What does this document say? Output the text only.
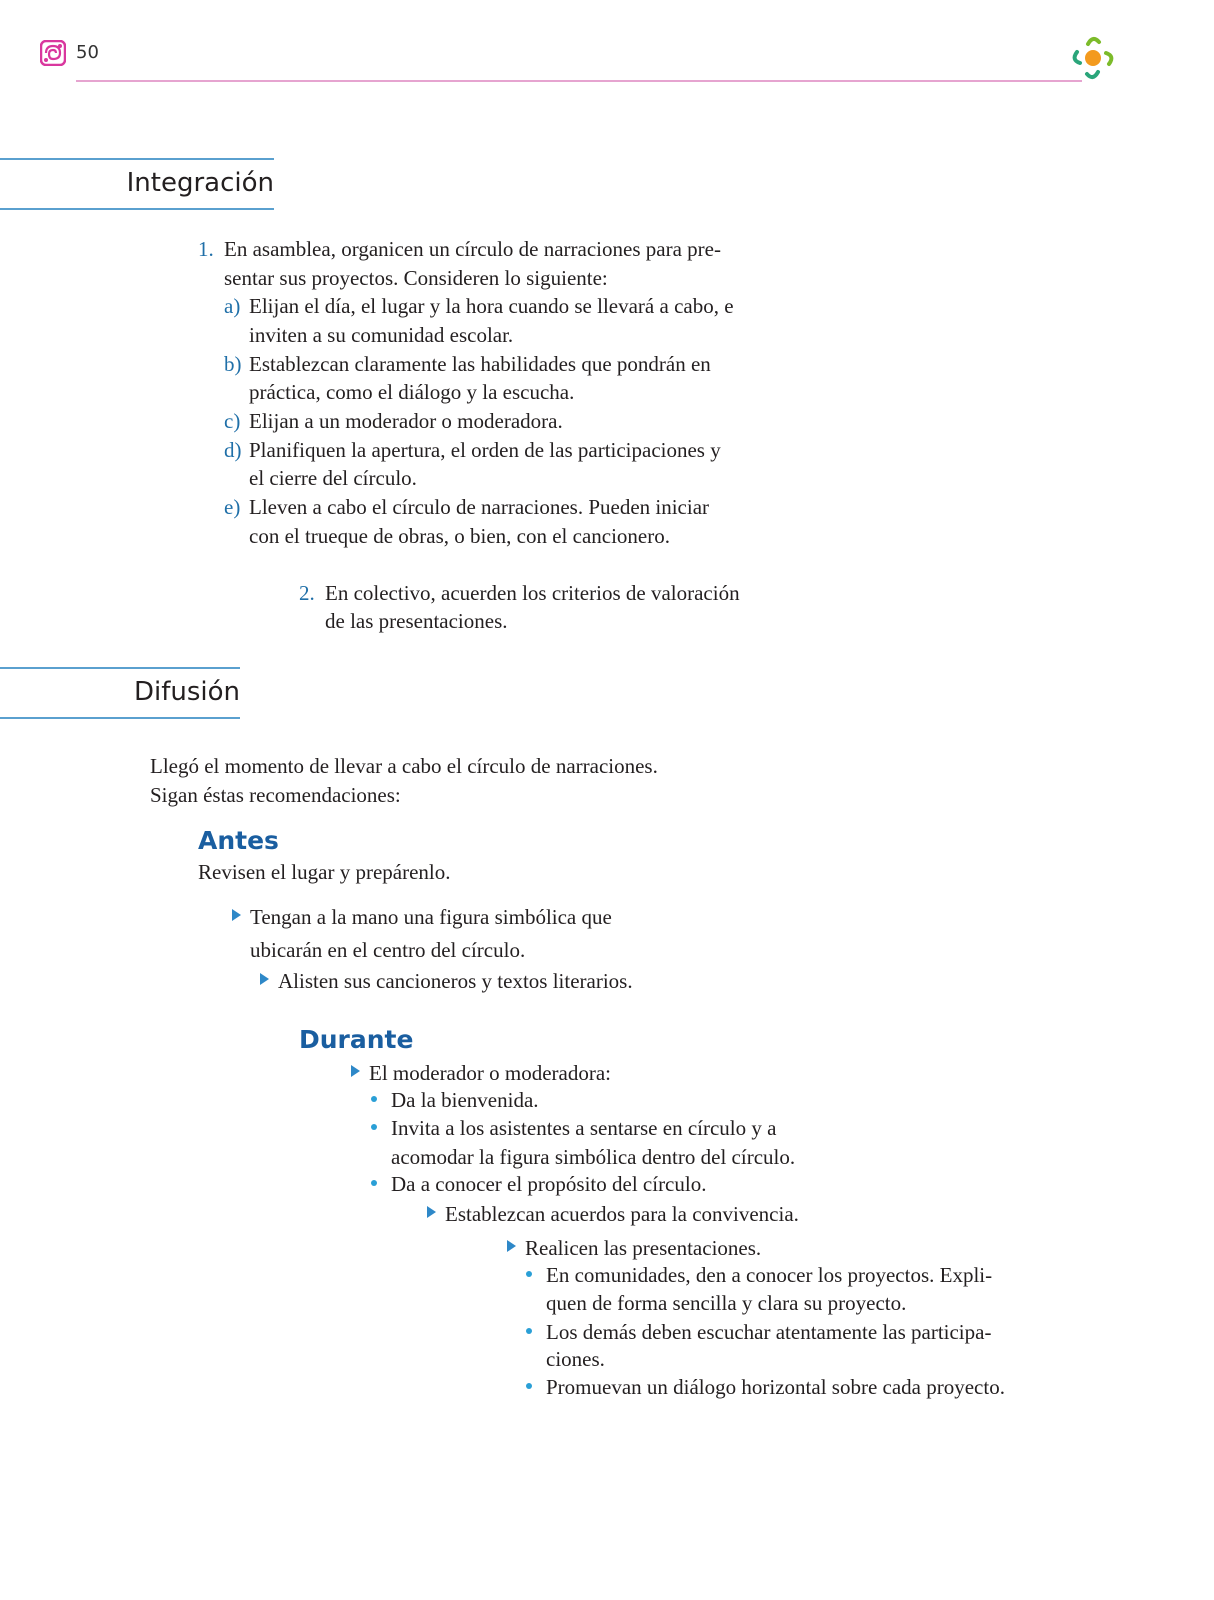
50
Integración
1. En asamblea, organicen un círculo de narraciones para pre-
sentar sus proyectos. Consideren lo siguiente:
a) Elijan el día, el lugar y la hora cuando se llevará a cabo, e
inviten a su comunidad escolar.
b) Establezcan claramente las habilidades que pondrán en
práctica, como el diálogo y la escucha.
c) Elijan a un moderador o moderadora.
d) Planifiquen la apertura, el orden de las participaciones y
el cierre del círculo.
e) Lleven a cabo el círculo de narraciones. Pueden iniciar
con el trueque de obras, o bien, con el cancionero.
2. En colectivo, acuerden los criterios de valoración
de las presentaciones.
Difusión
Llegó el momento de llevar a cabo el círculo de narraciones.
Sigan éstas recomendaciones:
Antes
Revisen el lugar y prepárenlo.
Tengan a la mano una figura simbólica que
ubicarán en el centro del círculo.
Alisten sus cancioneros y textos literarios.
Durante
El moderador o moderadora:
Da la bienvenida.
Invita a los asistentes a sentarse en círculo y a
acomodar la figura simbólica dentro del círculo.
Da a conocer el propósito del círculo.
Establezcan acuerdos para la convivencia.
Realicen las presentaciones.
En comunidades, den a conocer los proyectos. Expli-
quen de forma sencilla y clara su proyecto.
Los demás deben escuchar atentamente las participa-
ciones.
Promuevan un diálogo horizontal sobre cada proyecto.
